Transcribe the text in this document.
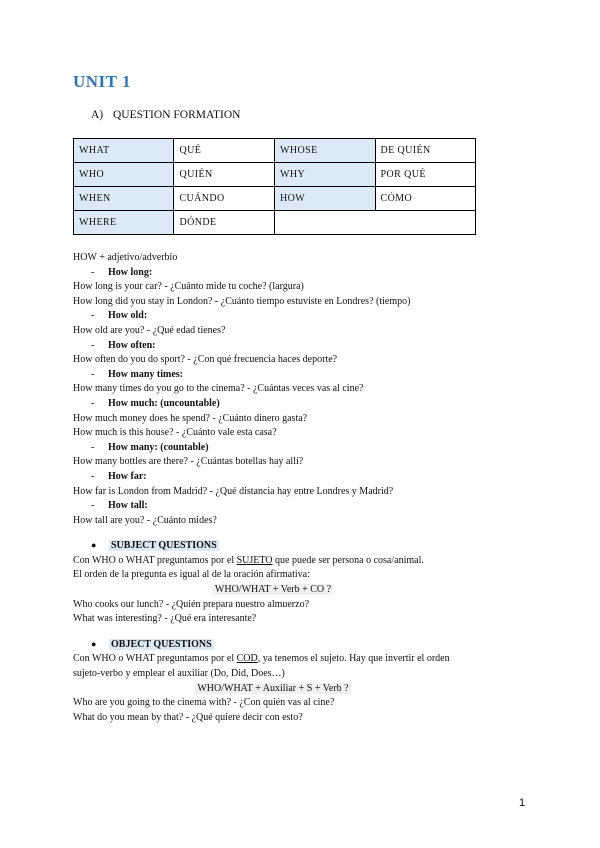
UNIT 1
A) QUESTION FORMATION
WHAT	QUÉ	WHOSE	DE QUIÉN
WHO	QUIÉN	WHY	POR QUÉ
WHEN	CUÁNDO	HOW	CÓMO
WHERE	DÓNDE		
HOW + adjetivo/adverbio
- How long:
How long is your car? - ¿Cuánto mide tu coche? (largura)
How long did you stay in London? - ¿Cuánto tiempo estuviste en Londres? (tiempo)
- How old:
How old are you? - ¿Qué edad tienes?
- How often:
How often do you do sport? - ¿Con qué frecuencia haces deporte?
- How many times:
How many times do you go to the cinema? - ¿Cuántas veces vas al cine?
- How much: (uncountable)
How much money does he spend? - ¿Cuánto dinero gasta?
How much is this house? - ¿Cuánto vale esta casa?
- How many: (countable)
How many bottles are there? - ¿Cuántas botellas hay allí?
- How far:
How far is London from Madrid? - ¿Qué distancia hay entre Londres y Madrid?
- How tall:
How tall are you? - ¿Cuánto mides?
● SUBJECT QUESTIONS
Con WHO o WHAT preguntamos por el SUJETO que puede ser persona o cosa/animal.
El orden de la pregunta es igual al de la oración afirmativa:
WHO/WHAT + Verb + CO ?
Who cooks our lunch? - ¿Quién prepara nuestro almuerzo?
What was interesting? - ¿Qué era interesante?
● OBJECT QUESTIONS
Con WHO o WHAT preguntamos por el COD, ya tenemos el sujeto. Hay que invertir el orden
sujeto-verbo y emplear el auxiliar (Do, Did, Does…)
WHO/WHAT + Auxiliar + S + Verb ?
Who are you going to the cinema with? - ¿Con quién vas al cine?
What do you mean by that? - ¿Qué quiere decir con esto?
1
